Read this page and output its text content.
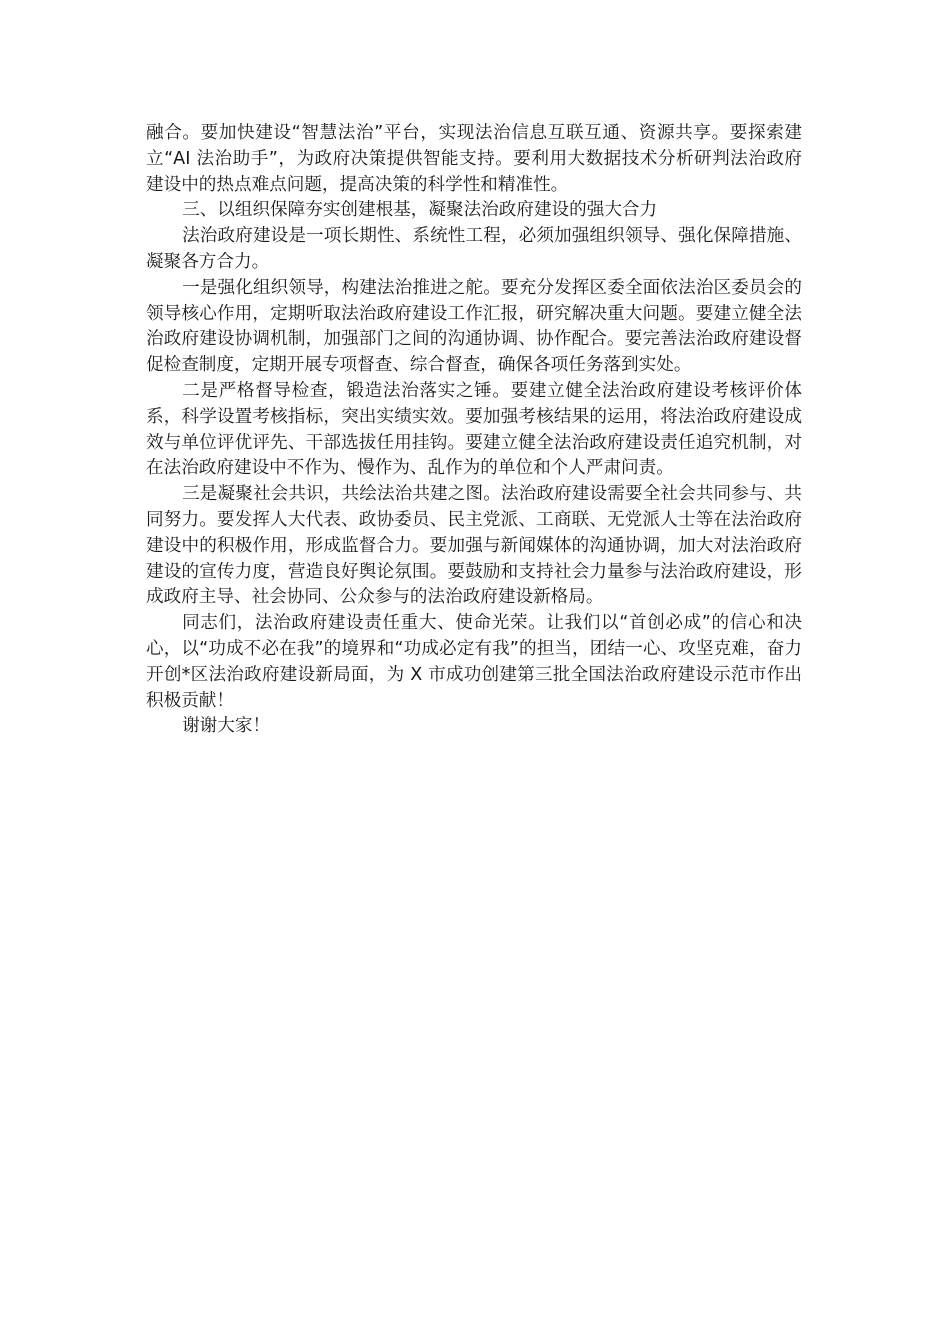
融合。要加快建设“智慧法治”平台，实现法治信息互联互通、资源共享。要探索建立“AI 法治助手”，为政府决策提供智能支持。要利用大数据技术分析研判法治政府建设中的热点难点问题，提高决策的科学性和精准性。

三、以组织保障夯实创建根基，凝聚法治政府建设的强大合力

法治政府建设是一项长期性、系统性工程，必须加强组织领导、强化保障措施、凝聚各方合力。

一是强化组织领导，构建法治推进之舵。要充分发挥区委全面依法治区委员会的领导核心作用，定期听取法治政府建设工作汇报，研究解决重大问题。要建立健全法治政府建设协调机制，加强部门之间的沟通协调、协作配合。要完善法治政府建设督促检查制度，定期开展专项督查、综合督查，确保各项任务落到实处。

二是严格督导检查，锻造法治落实之锤。要建立健全法治政府建设考核评价体系，科学设置考核指标，突出实绩实效。要加强考核结果的运用，将法治政府建设成效与单位评优评先、干部选拔任用挂钩。要建立健全法治政府建设责任追究机制，对在法治政府建设中不作为、慢作为、乱作为的单位和个人严肃问责。

三是凝聚社会共识，共绘法治共建之图。法治政府建设需要全社会共同参与、共同努力。要发挥人大代表、政协委员、民主党派、工商联、无党派人士等在法治政府建设中的积极作用，形成监督合力。要加强与新闻媒体的沟通协调，加大对法治政府建设的宣传力度，营造良好舆论氛围。要鼓励和支持社会力量参与法治政府建设，形成政府主导、社会协同、公众参与的法治政府建设新格局。

同志们，法治政府建设责任重大、使命光荣。让我们以“首创必成”的信心和决心，以“功成不必在我”的境界和“功成必定有我”的担当，团结一心、攻坚克难，奋力开创*区法治政府建设新局面，为 X 市成功创建第三批全国法治政府建设示范市作出积极贡献！

谢谢大家！
